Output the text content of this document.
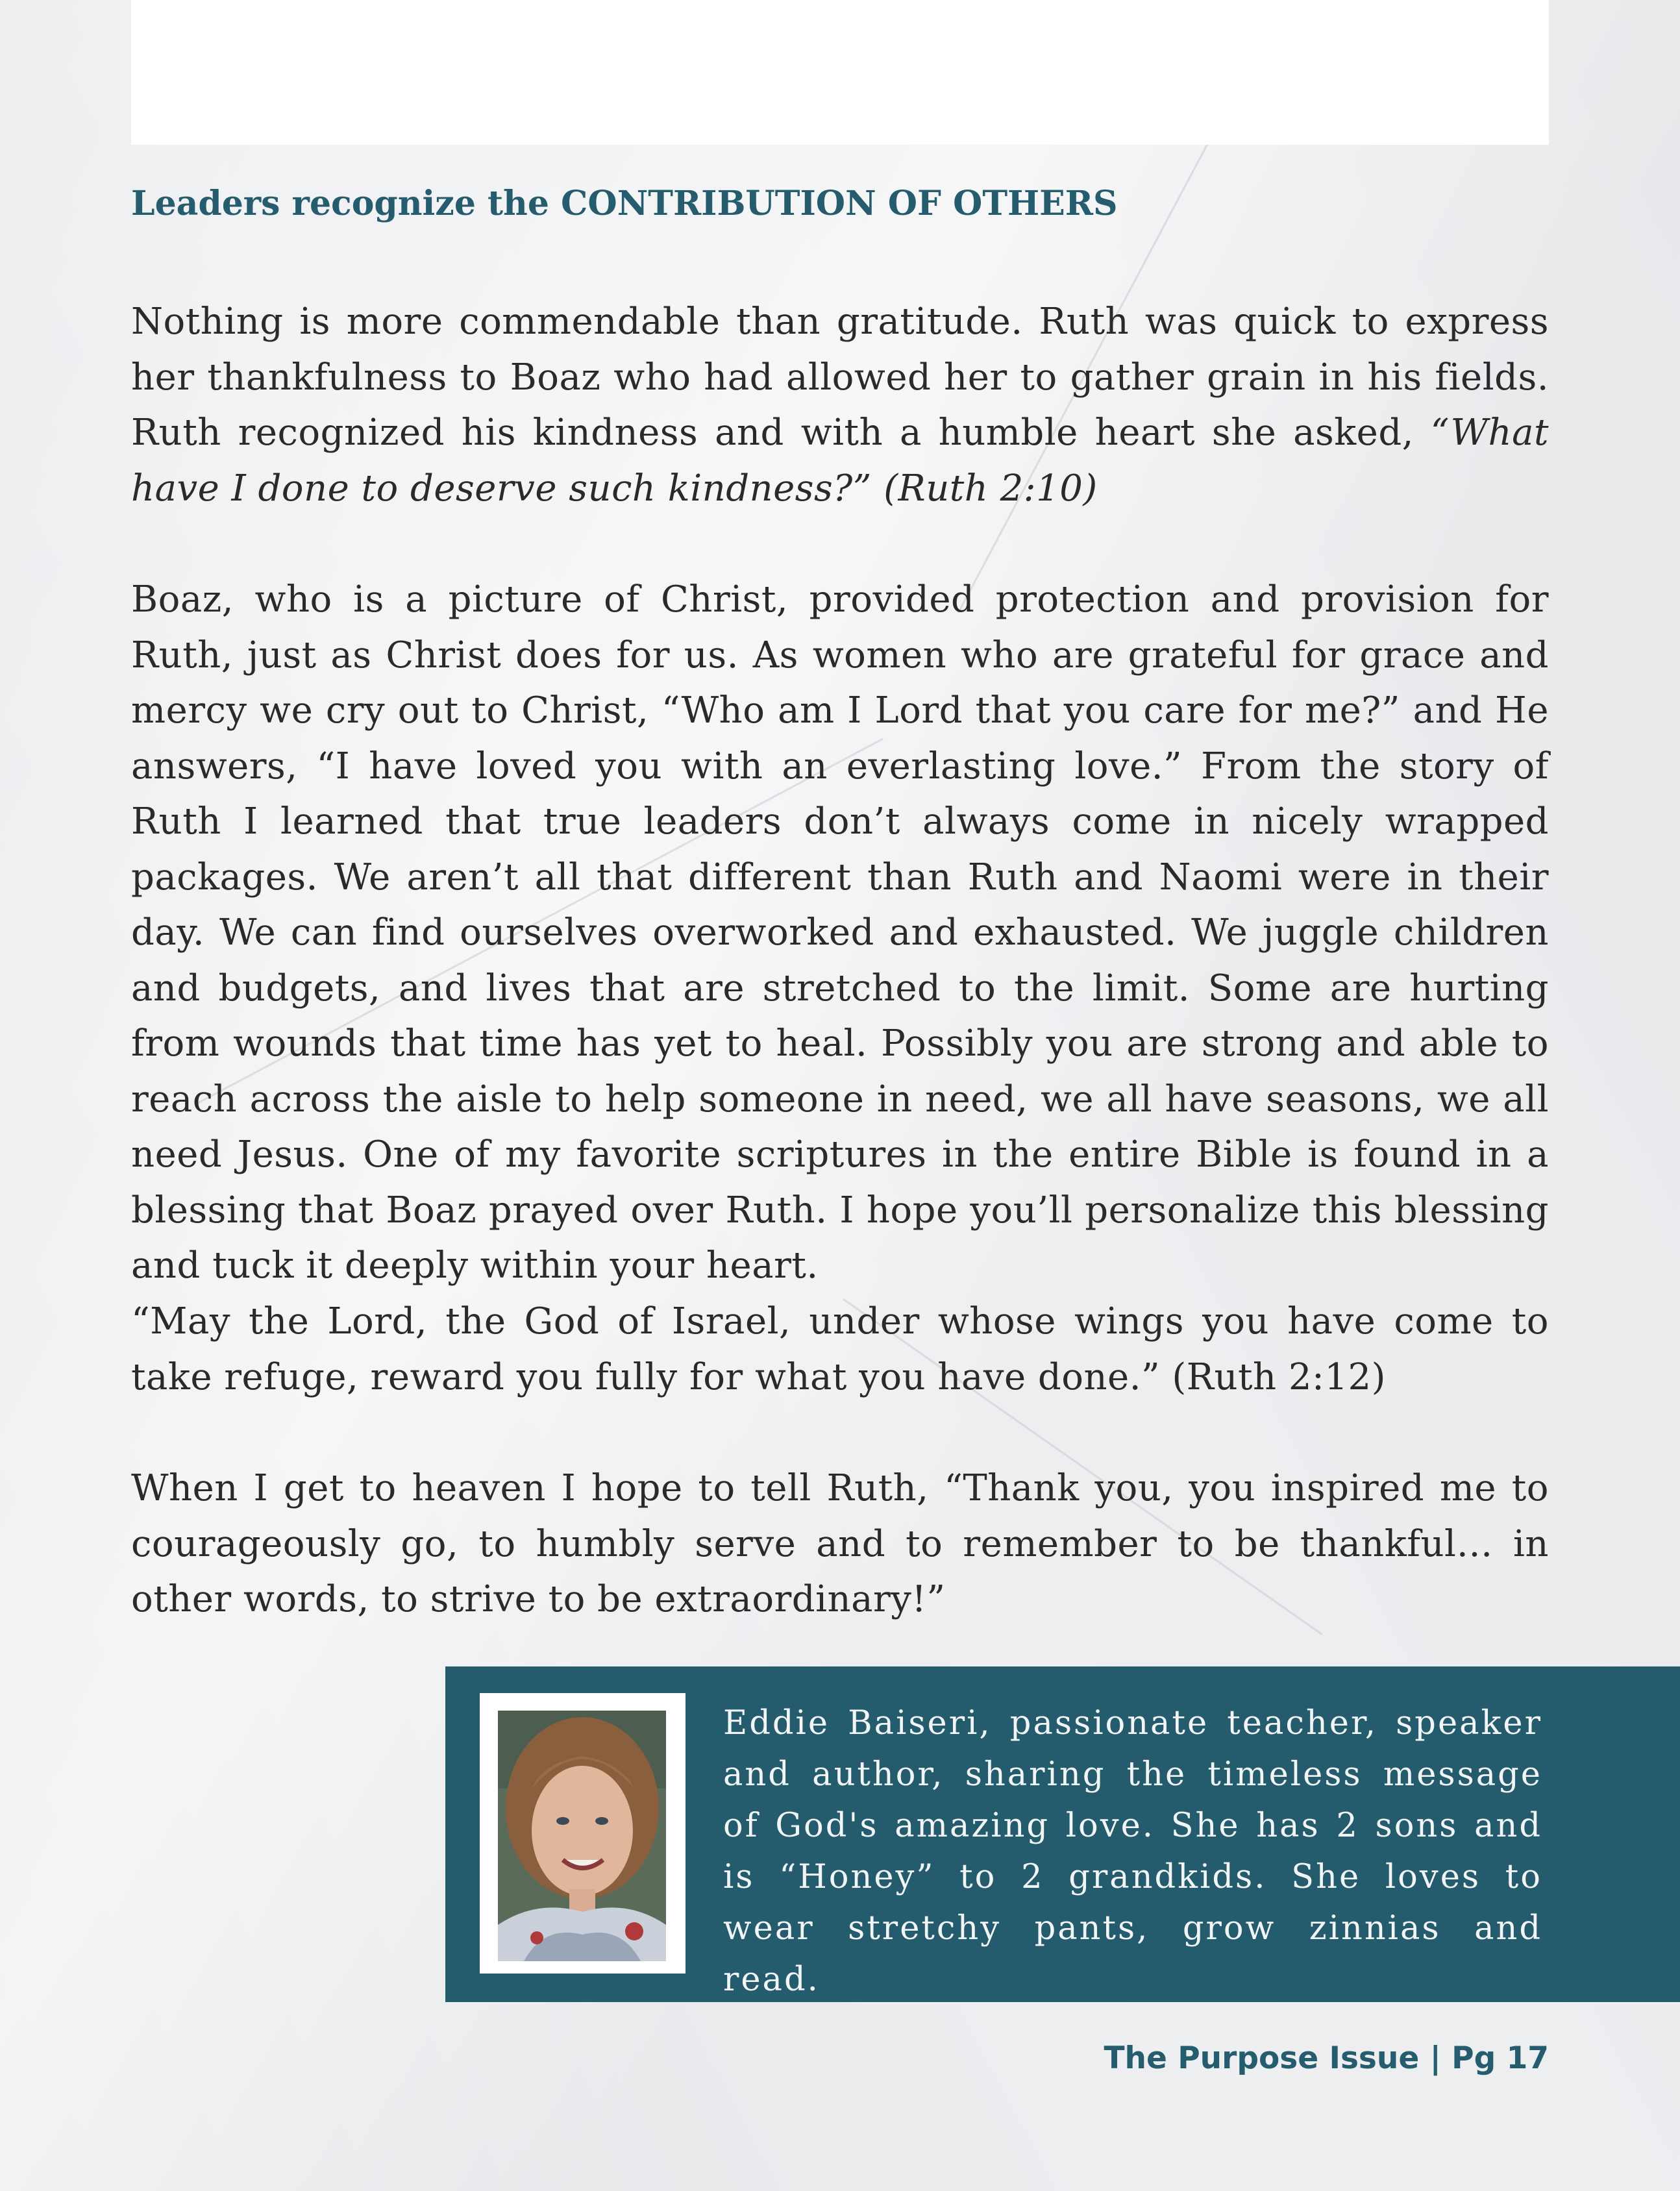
Leaders recognize the CONTRIBUTION OF OTHERS

Nothing is more commendable than gratitude. Ruth was quick to express her thankfulness to Boaz who had allowed her to gather grain in his fields. Ruth recognized his kindness and with a humble heart she asked, “What have I done to deserve such kindness?” (Ruth 2:10)

Boaz, who is a picture of Christ, provided protection and provision for Ruth, just as Christ does for us. As women who are grateful for grace and mercy we cry out to Christ, “Who am I Lord that you care for me?” and He answers, “I have loved you with an everlasting love.” From the story of Ruth I learned that true leaders don’t always come in nicely wrapped packages. We aren’t all that different than Ruth and Naomi were in their day. We can find ourselves overworked and exhausted. We juggle children and budgets, and lives that are stretched to the limit. Some are hurting from wounds that time has yet to heal. Possibly you are strong and able to reach across the aisle to help someone in need, we all have seasons, we all need Jesus. One of my favorite scriptures in the entire Bible is found in a blessing that Boaz prayed over Ruth. I hope you’ll personalize this blessing and tuck it deeply within your heart.

“May the Lord, the God of Israel, under whose wings you have come to take refuge, reward you fully for what you have done.” (Ruth 2:12)

When I get to heaven I hope to tell Ruth, “Thank you, you inspired me to courageously go, to humbly serve and to remember to be thankful… in other words, to strive to be extraordinary!”

Eddie Baiseri, passionate teacher, speaker and author, sharing the timeless message of God's amazing love. She has 2 sons and is “Honey” to 2 grandkids. She loves to wear stretchy pants, grow zinnias and read.

The Purpose Issue | Pg 17
